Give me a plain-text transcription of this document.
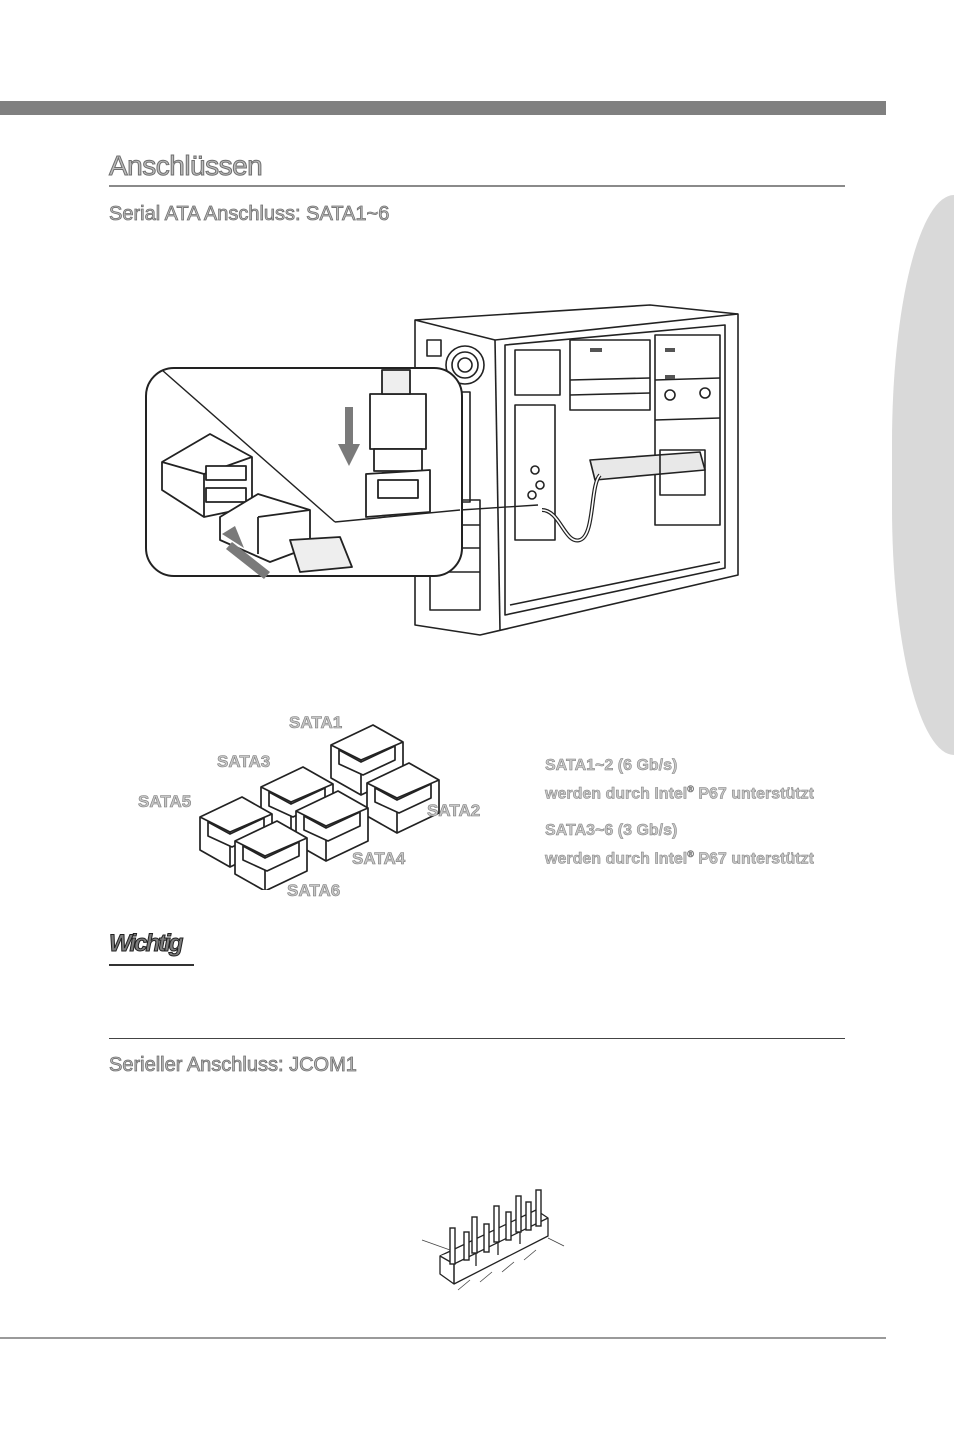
Anschlüssen
Serial ATA Anschluss: SATA1~6
SATA1
SATA2
SATA3
SATA4
SATA5
SATA6
SATA1~2 (6 Gb/s)
werden durch Intel® P67 unterstützt
SATA3~6 (3 Gb/s)
werden durch Intel® P67 unterstützt
Wichtig
Serieller Anschluss: JCOM1
